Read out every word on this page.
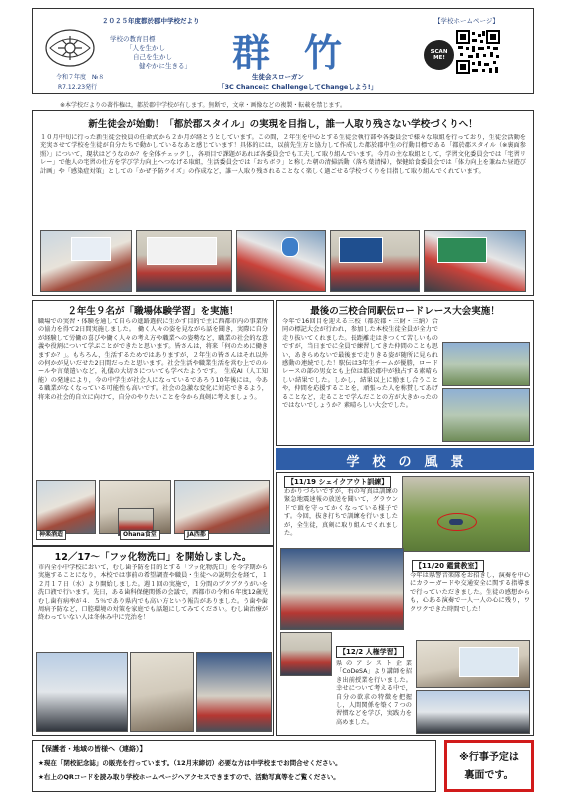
２０２５年度都於郡中学校だより
学校の教育目標
「人を生かし
自己を生かし
健やかに生きる」
令和７年度　№８
R7.12.23発行
群　竹
生徒会スローガン
「3C Chanceに ChallengeしてChangeしよう!」
【学校ホームページ】
SCAN ME!
※本学校だよりの著作権は，都於郡中学校が有します。無断で，文章・画像などの複製・転載を禁じます。
新生徒会が始動！「都於郡スタイル」の実現を目指し，誰一人取り残さない学校づくりへ！
１０月中旬に行った新生徒会役員の任命式から２か月が経とうとしています。この間，２年生を中心とする生徒会執行部や各委員会で様々な取組を行っており，生徒会活動を充実させて学校を生徒が自分たちで動かしているなあと感じています！具体的には，以前先生方と協力して作成した都於郡中生の行動目標である「都於郡スタイル（※裏面参照）」について，現状はどうなのか？を全体チェックし，各項目で課題があれば各委員会でも工夫して取り組んでいます。今月の主な取組として，学習文化委員会では「宅習リレー」で他人の宅習の仕方を学び学力向上へつなげる取組，生活委員会では「おちボラ」と称した朝の清掃活動（落ち葉清掃），保健給食委員会では「体力向上を兼ねた昼遊び計画」や「感染症対策」としての「かぜ予防クイズ」の作成など，誰一人取り残されることなく楽しく過ごせる学校づくりを目指して取り組んでくれています。
２年生９名が「職場体験学習」を実施！
職場での実習・体験を通して自らの進路選択に生かす目的で主に西都市内の事業所の協力を得て2日間実施しました。　働く人々の姿を見ながら話を聞き，実際に自分が経験して労働の喜びや働く人々の考え方や職業への姿勢など，職業の社会的な意義や役割について学ぶことができたと思います。皆さんは，将来「何のために働きますか？」。もちろん，生活するためではありますが，２年生の皆さんはそれ以外の何かが見いだせた2日間だったと思います。社会生活や職業生活を営む上でのルールや言葉遣いなど，礼儀の大切さについても学べたようです。　生成AI（人工知能）の発達により，今の中学生が社会人になっているであろう10年後には，今ある職業がなくなっている可能性も高いです。社会の急激な変化に対応できるよう，将来の社会的自立に向けて，自分のやりたいことを今から真剣に考えましょう。
神楽酒造	Ohana食堂	JA西都
12／17～「フッ化物洗口」を開始しました。
市内全小中学校において，むし歯予防を目的とする「フッ化物洗口」を今学期から実施することになり，本校では事前の希望調査や職員・生徒への説明会を経て，１２月１７日（水）より開始しました。週１回の実施で，１分間のブクブクうがいを洗口液で行います。先日，ある歯科保健関係の会議で，西都市の令和６年度12歳児むし歯有病率が４．５％であり県内でも高い方という報告がありました。う歯や歯周病予防など，口腔環境の対策を家庭でも話題にしてみてください。むし歯治療が終わっていない人は冬休み中に完治を！
最後の三校合同駅伝ロードレース大会実施！
今年で16回目を迎える三校（都於郡・三財・三納）合同の標記大会が行われ，参加した本校生徒全員が全力で走り抜いてくれました。長距離走はきつくて苦しいものですが，当日までに全員で練習してきた仲間のことも思い，あきらめないで最後まで走りきる姿が随所に見られ感動の連続でした！駅伝は3年生チームが優勝，ロードレースの部の男女とも上位は都於郡中が独占する素晴らしい結果でした。しかし，結果以上に励まし合うことや，仲間を応援することを，頑張った人を称賛してあげることなど，走ることで学んだことの方が大きかったのではないでしょうか？素晴らしい大会でした。
学　校　の　風　景
【11/19 シェイクアウト訓練】
わかりづらいですが，右の写真は訓練の緊急地震速報の放送を聞いて，グラウンドで頭を守ってかくなっている様子です。今回，抜き打ちで訓練を行いましたが，全生徒，真剣に取り組んでくれました。
【11/20 鑑賞教室】
今年は県警音楽隊をお招きし，演奏を中心にカラーガードや交通安全に関する指導まで行っていただきました。生徒の感想からも，心ある演奏で一人一人の心に残り，ワクワクできた時間でした！
【12/2 人権学習】
県のアシスト企業「CoDeSA」より講師を招き出前授業を行いました。幸せについて考える中で，自分の欲求の特徴を把握し，人間関係を築く７つの習慣などを学び，実践力を高めました。
【保護者・地域の皆様へ（連絡）】
★現在「閉校記念誌」の販売を行っています。（12月末締切）必要な方は中学校までお問合せください。
★右上のQRコードを読み取り学校ホームページへアクセスできますので、活動写真等をご覧ください。
※行事予定は
裏面です。
